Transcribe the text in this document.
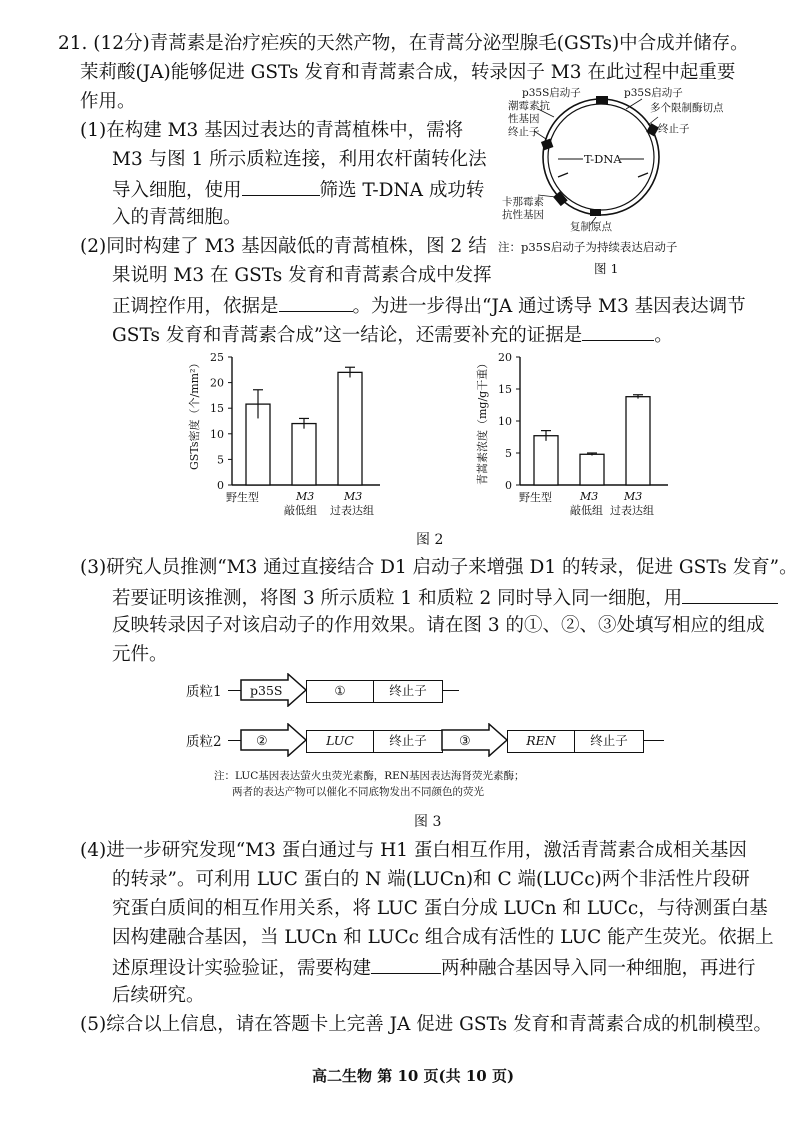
21. (12分)青蒿素是治疗疟疾的天然产物，在青蒿分泌型腺毛(GSTs)中合成并储存。
茉莉酸(JA)能够促进 GSTs 发育和青蒿素合成，转录因子 M3 在此过程中起重要
作用。
(1)在构建 M3 基因过表达的青蒿植株中，需将
M3 与图 1 所示质粒连接，利用农杆菌转化法
导入细胞，使用	筛选 T-DNA 成功转
入的青蒿细胞。
(2)同时构建了 M3 基因敲低的青蒿植株，图 2 结
果说明 M3 在 GSTs 发育和青蒿素合成中发挥
正调控作用，依据是	。为进一步得出“JA 通过诱导 M3 基因表达调节
GSTs 发育和青蒿素合成”这一结论，还需要补充的证据是	。
p35S启动子	p35S启动子
潮霉素抗	多个限制酶切点
性基因
终止子	终止子
T-DNA
卡那霉素
抗性基因
复制原点
注：p35S启动子为持续表达启动子
图 1
GSTs密度（个/mm²）
0
5
10
15
20
25
青蒿素浓度（mg/g干重）
0
5
10
15
20
野生型	M3
敲低组
M3
过表达组
野生型	M3
敲低组
M3
过表达组
图 2
(3)研究人员推测“M3 通过直接结合 D1 启动子来增强 D1 的转录，促进 GSTs 发育”。
若要证明该推测，将图 3 所示质粒 1 和质粒 2 同时导入同一细胞，用
反映转录因子对该启动子的作用效果。请在图 3 的①、②、③处填写相应的组成
元件。
质粒1 p35S	①	终止子
质粒2	②	LUC	终止子	③	REN	终止子
注：LUC基因表达萤火虫荧光素酶，REN基因表达海肾荧光素酶；
两者的表达产物可以催化不同底物发出不同颜色的荧光
图 3
(4)进一步研究发现“M3 蛋白通过与 H1 蛋白相互作用，激活青蒿素合成相关基因
的转录”。可利用 LUC 蛋白的 N 端(LUCn)和 C 端(LUCc)两个非活性片段研
究蛋白质间的相互作用关系，将 LUC 蛋白分成 LUCn 和 LUCc，与待测蛋白基
因构建融合基因，当 LUCn 和 LUCc 组合成有活性的 LUC 能产生荧光。依据上
述原理设计实验验证，需要构建	两种融合基因导入同一种细胞，再进行
后续研究。
(5)综合以上信息，请在答题卡上完善 JA 促进 GSTs 发育和青蒿素合成的机制模型。
高二生物 第 10 页(共 10 页)
